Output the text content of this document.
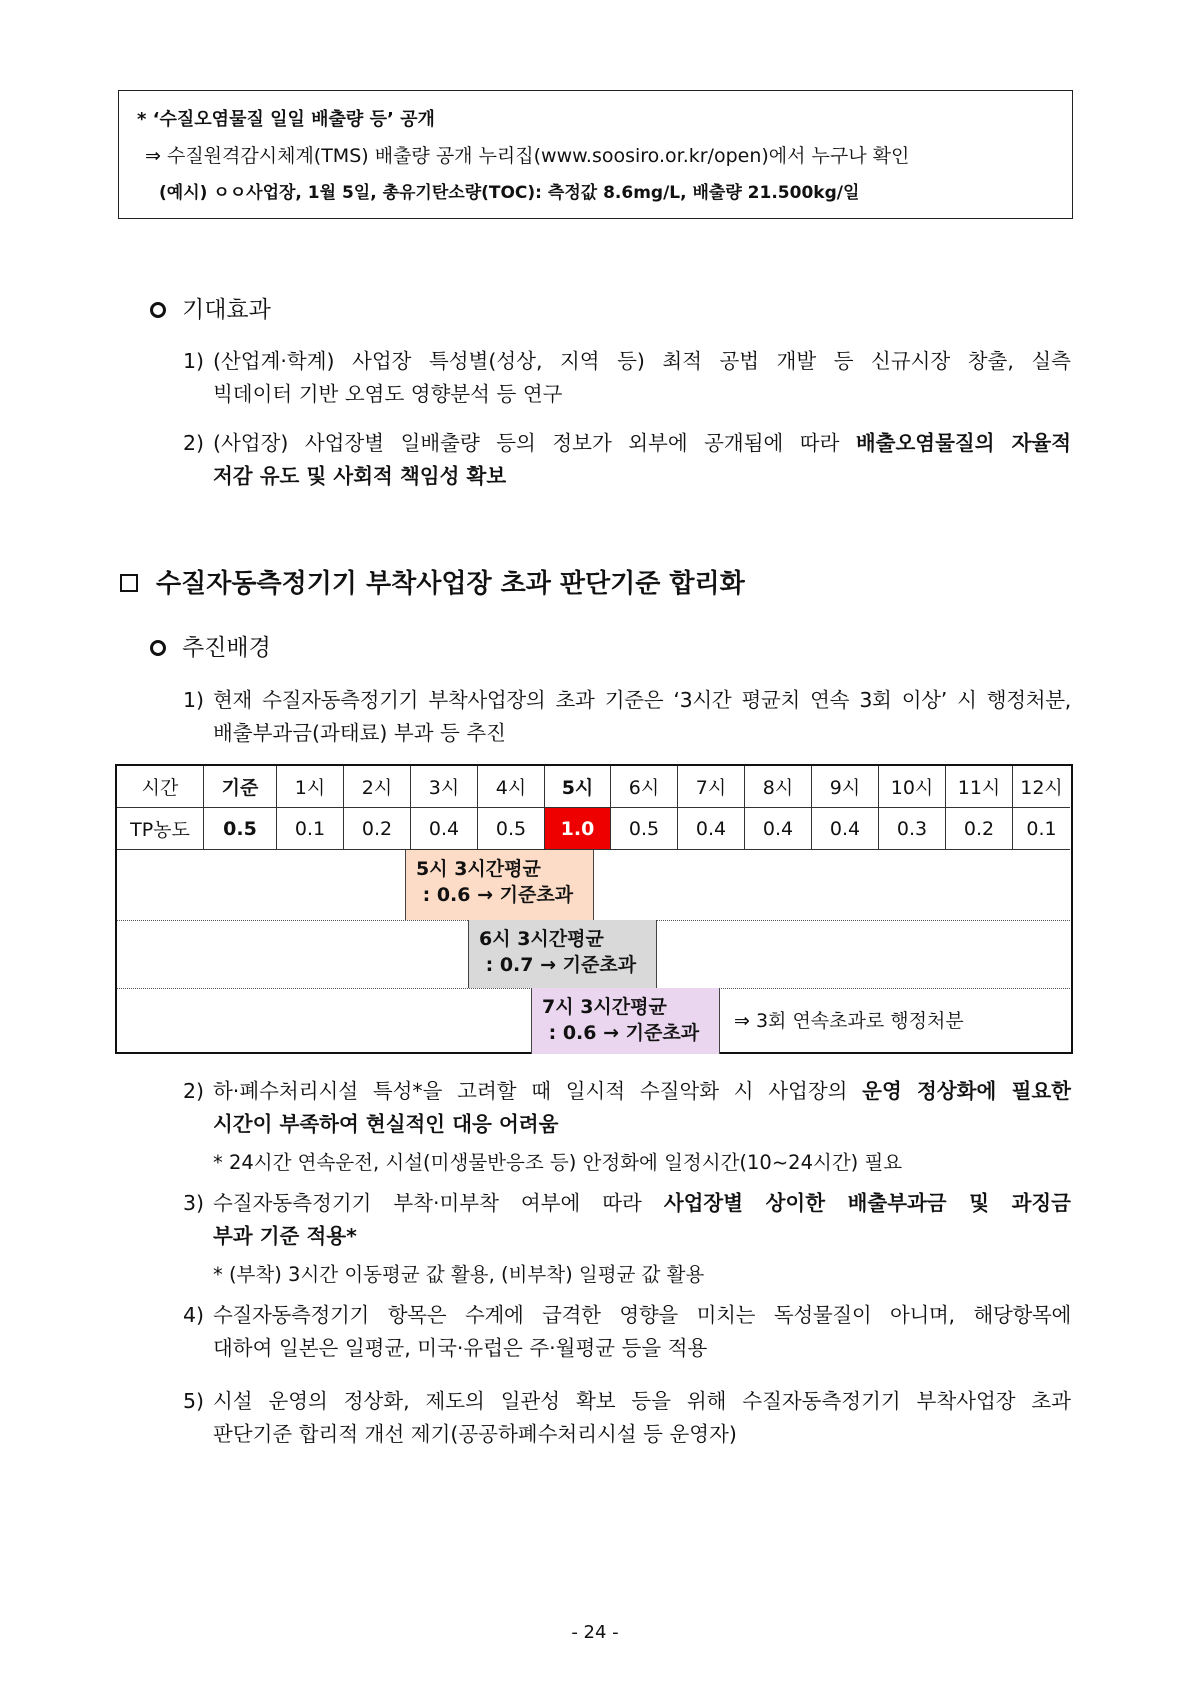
* ‘수질오염물질 일일 배출량 등’ 공개
⇒ 수질원격감시체계(TMS) 배출량 공개 누리집(www.soosiro.or.kr/open)에서 누구나 확인
(예시) ㅇㅇ사업장, 1월 5일, 총유기탄소량(TOC): 측정값 8.6mg/L, 배출량 21.500kg/일
기대효과
1) (산업계·학계) 사업장 특성별(성상, 지역 등) 최적 공법 개발 등 신규시장 창출, 실측
빅데이터 기반 오염도 영향분석 등 연구
2) (사업장) 사업장별 일배출량 등의 정보가 외부에 공개됨에 따라 배출오염물질의 자율적
저감 유도 및 사회적 책임성 확보
수질자동측정기기 부착사업장 초과 판단기준 합리화
추진배경
1) 현재 수질자동측정기기 부착사업장의 초과 기준은 ‘3시간 평균치 연속 3회 이상’ 시 행정처분,
배출부과금(과태료) 부과 등 추진
시간	기준	1시	2시	3시	4시	5시	6시	7시	8시	9시	10시	11시	12시
TP농도	0.5	0.1	0.2	0.4	0.5	1.0	0.5	0.4	0.4	0.4	0.3	0.2	0.1
5시 3시간평균
: 0.6 → 기준초과
6시 3시간평균
: 0.7 → 기준초과
7시 3시간평균
: 0.6 → 기준초과
⇒ 3회 연속초과로 행정처분
2) 하·폐수처리시설 특성*을 고려할 때 일시적 수질악화 시 사업장의 운영 정상화에 필요한
시간이 부족하여 현실적인 대응 어려움
* 24시간 연속운전, 시설(미생물반응조 등) 안정화에 일정시간(10~24시간) 필요
3) 수질자동측정기기 부착·미부착 여부에 따라 사업장별 상이한 배출부과금 및 과징금
부과 기준 적용*
* (부착) 3시간 이동평균 값 활용, (비부착) 일평균 값 활용
4) 수질자동측정기기 항목은 수계에 급격한 영향을 미치는 독성물질이 아니며, 해당항목에
대하여 일본은 일평균, 미국·유럽은 주·월평균 등을 적용
5) 시설 운영의 정상화, 제도의 일관성 확보 등을 위해 수질자동측정기기 부착사업장 초과
판단기준 합리적 개선 제기(공공하폐수처리시설 등 운영자)
- 24 -
